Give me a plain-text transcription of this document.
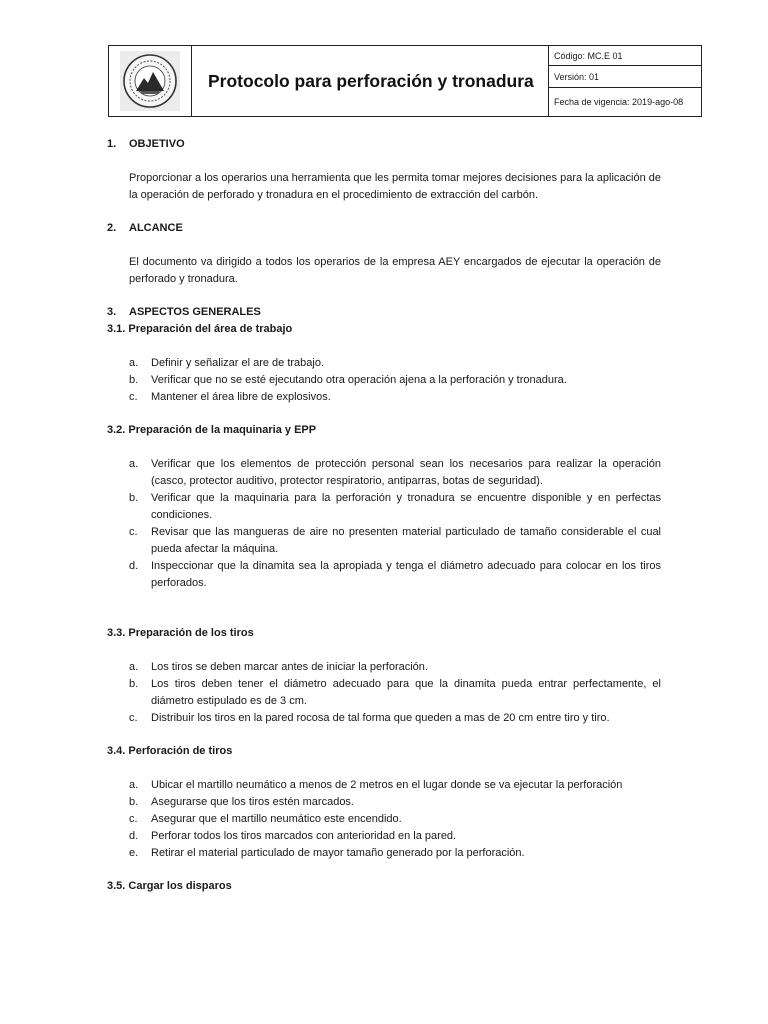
Protocolo para perforación y tronadura
Código: MC.E 01
Versión: 01
Fecha de vigencia: 2019-ago-08
1.	OBJETIVO

Proporcionar a los operarios una herramienta que les permita tomar mejores decisiones para la aplicación de la operación de perforado y tronadura en el procedimiento de extracción del carbón.

2.	ALCANCE

El documento va dirigido a todos los operarios de la empresa AEY encargados de ejecutar la operación de perforado y tronadura.

3.	ASPECTOS GENERALES
3.1. Preparación del área de trabajo
a.	Definir y señalizar el are de trabajo.
b.	Verificar que no se esté ejecutando otra operación ajena a la perforación y tronadura.
c.	Mantener el área libre de explosivos.
3.2. Preparación de la maquinaria y EPP
a.	Verificar que los elementos de protección personal sean los necesarios para realizar la operación (casco, protector auditivo, protector respiratorio, antiparras, botas de seguridad).
b.	Verificar que la maquinaria para la perforación y tronadura se encuentre disponible y en perfectas condiciones.
c.	Revisar que las mangueras de aire no presenten material particulado de tamaño considerable el cual pueda afectar la máquina.
d.	Inspeccionar que la dinamita sea la apropiada y tenga el diámetro adecuado para colocar en los tiros perforados.
3.3. Preparación de los tiros
a.	Los tiros se deben marcar antes de iniciar la perforación.
b.	Los tiros deben tener el diámetro adecuado para que la dinamita pueda entrar perfectamente, el diámetro estipulado es de 3 cm.
c.	Distribuir los tiros en la pared rocosa de tal forma que queden a mas de 20 cm entre tiro y tiro.
3.4. Perforación de tiros
a.	Ubicar el martillo neumático a menos de 2 metros en el lugar donde se va ejecutar la perforación
b.	Asegurarse que los tiros estén marcados.
c.	Asegurar que el martillo neumático este encendido.
d.	Perforar todos los tiros marcados con anterioridad en la pared.
e.	Retirar el material particulado de mayor tamaño generado por la perforación.
3.5. Cargar los disparos
